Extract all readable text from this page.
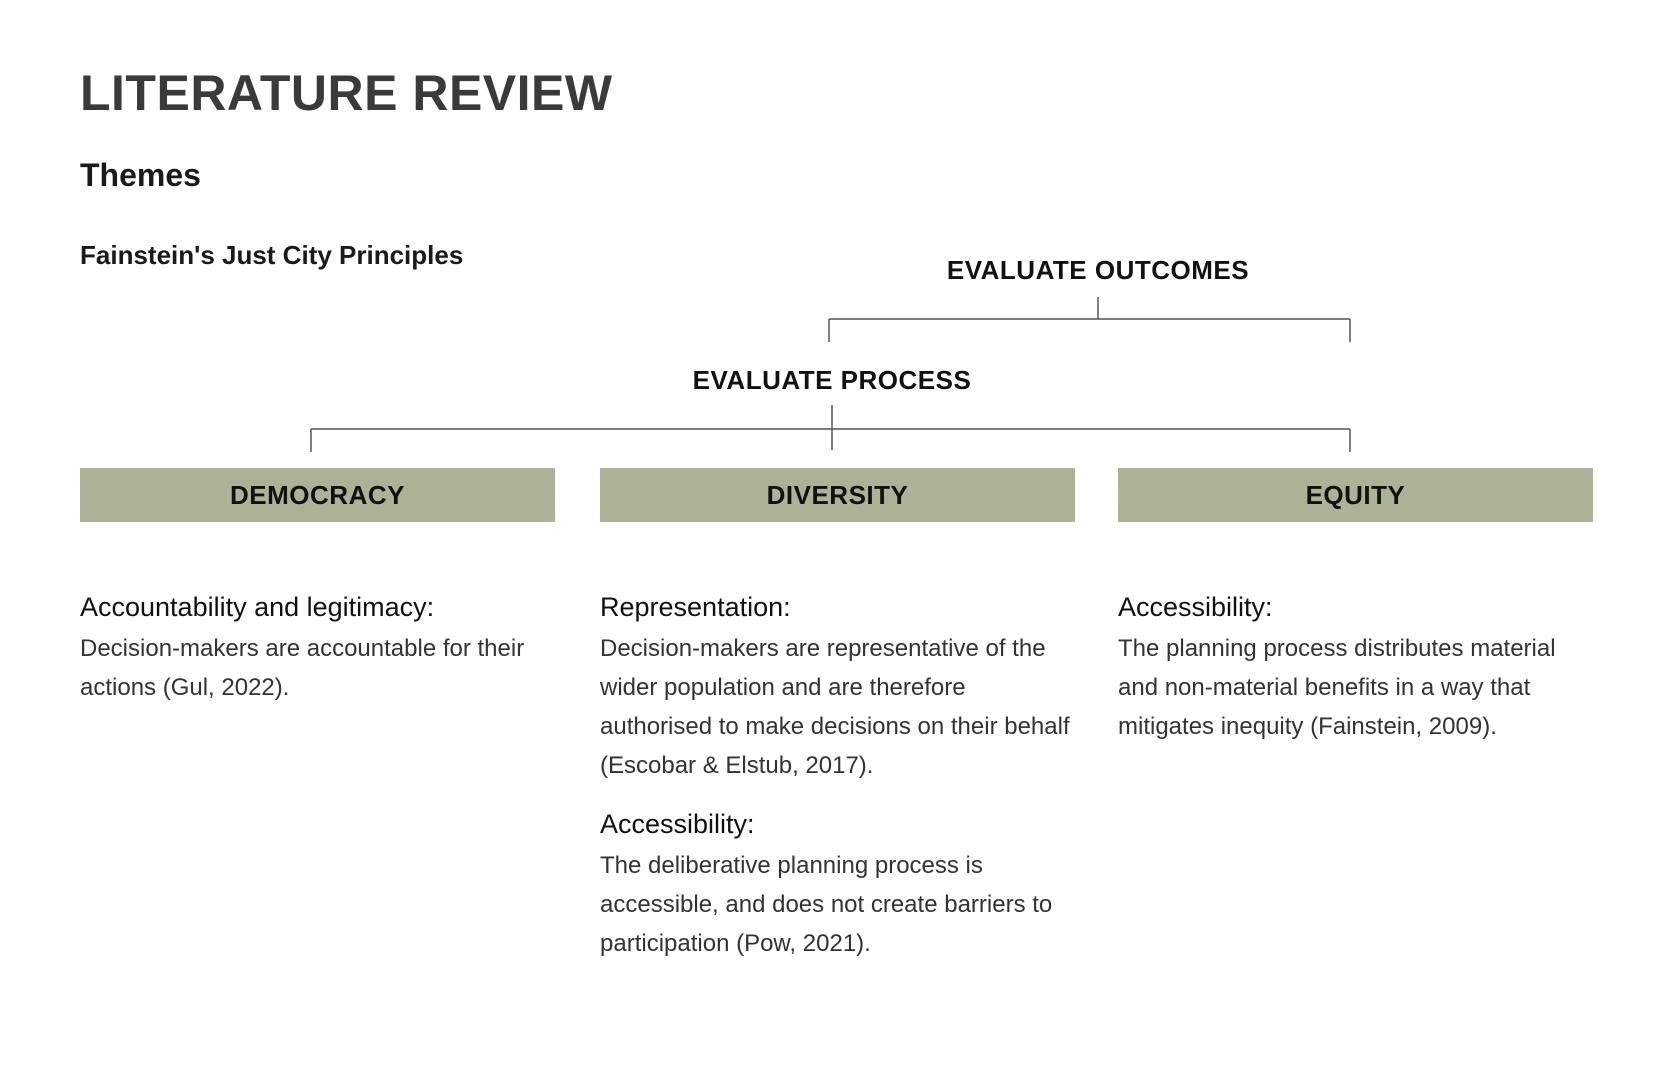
LITERATURE REVIEW
Themes
Fainstein's Just City Principles	EVALUATE OUTCOMES
EVALUATE PROCESS
DEMOCRACY	DIVERSITY	EQUITY

Accountability and legitimacy:

Decision-makers are accountable for their actions (Gul, 2022).

Representation:

Decision-makers are representative of the wider population and are therefore authorised to make decisions on their behalf (Escobar & Elstub, 2017).

Accessibility:

The deliberative planning process is accessible, and does not create barriers to participation (Pow, 2021).

Accessibility:

The planning process distributes material and non-material benefits in a way that mitigates inequity (Fainstein, 2009).
